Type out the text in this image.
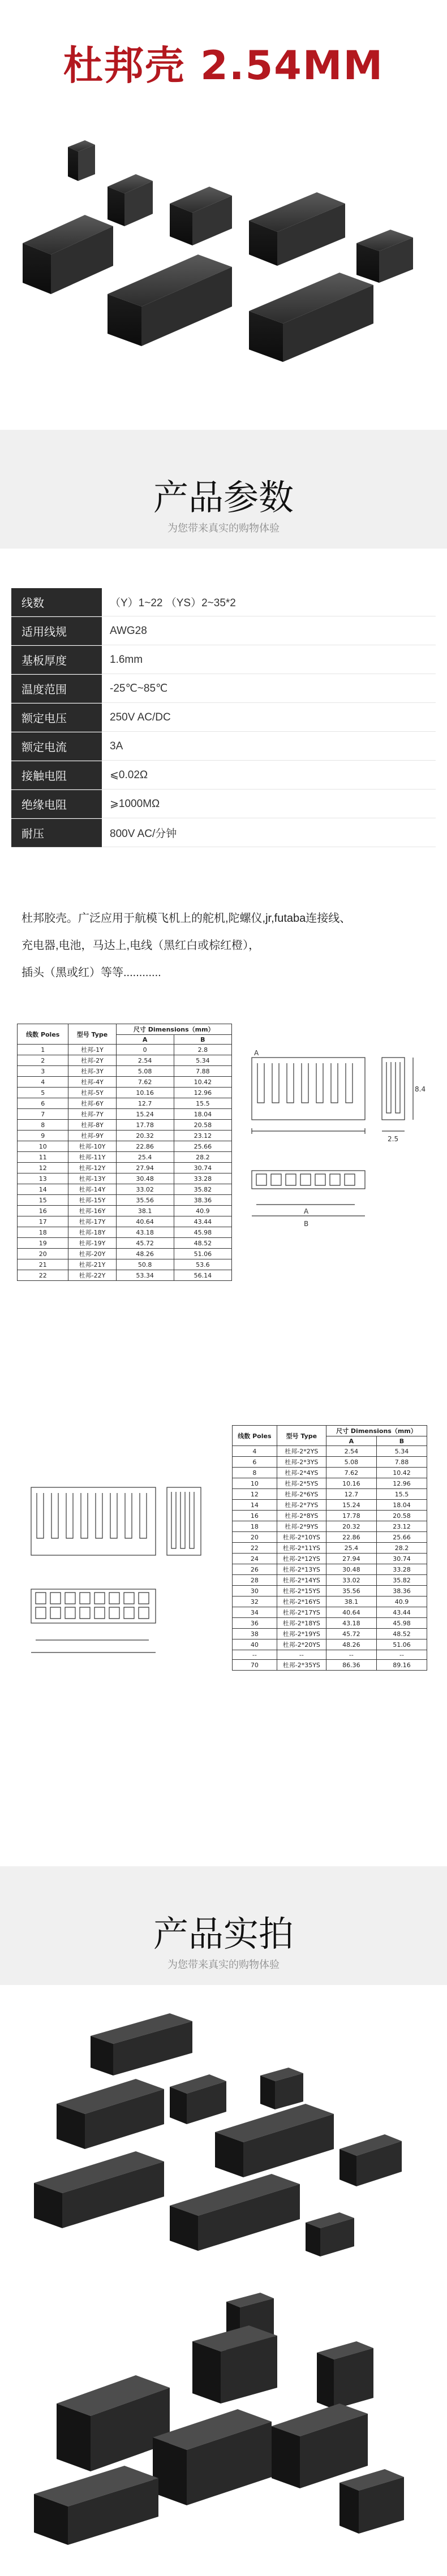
杜邦壳 2.54MM
产品参数
为您带来真实的购物体验
线数	（Y）1~22 （YS）2~35*2
适用线规	AWG28
基板厚度	1.6mm
温度范围	-25℃~85℃
额定电压	250V AC/DC
额定电流	3A
接触电阻	⩽0.02Ω
绝缘电阻	⩾1000MΩ
耐压	800V AC/分钟
杜邦胶壳。广泛应用于航模飞机上的舵机,陀螺仪,jr,futaba连接线、
充电器,电池，马达上,电线（黑红白或棕红橙），
插头（黑或红）等等............
线数 Poles	型号 Type	尺寸 Dimensions（mm）	
		A	B
1	杜邦-1Y	0	2.8
2	杜邦-2Y	2.54	5.34
3	杜邦-3Y	5.08	7.88
4	杜邦-4Y	7.62	10.42
5	杜邦-5Y	10.16	12.96
6	杜邦-6Y	12.7	15.5
7	杜邦-7Y	15.24	18.04
8	杜邦-8Y	17.78	20.58
9	杜邦-9Y	20.32	23.12
10	杜邦-10Y	22.86	25.66
11	杜邦-11Y	25.4	28.2
12	杜邦-12Y	27.94	30.74
13	杜邦-13Y	30.48	33.28
14	杜邦-14Y	33.02	35.82
15	杜邦-15Y	35.56	38.36
16	杜邦-16Y	38.1	40.9
17	杜邦-17Y	40.64	43.44
18	杜邦-18Y	43.18	45.98
19	杜邦-19Y	45.72	48.52
20	杜邦-20Y	48.26	51.06
21	杜邦-21Y	50.8	53.6
22	杜邦-22Y	53.34	56.14
A
A
B
2.5
8.4
线数 Poles	型号 Type	尺寸 Dimensions（mm）	
		A	B
4	杜邦-2*2YS	2.54	5.34
6	杜邦-2*3YS	5.08	7.88
8	杜邦-2*4YS	7.62	10.42
10	杜邦-2*5YS	10.16	12.96
12	杜邦-2*6YS	12.7	15.5
14	杜邦-2*7YS	15.24	18.04
16	杜邦-2*8YS	17.78	20.58
18	杜邦-2*9YS	20.32	23.12
20	杜邦-2*10YS	22.86	25.66
22	杜邦-2*11YS	25.4	28.2
24	杜邦-2*12YS	27.94	30.74
26	杜邦-2*13YS	30.48	33.28
28	杜邦-2*14YS	33.02	35.82
30	杜邦-2*15YS	35.56	38.36
32	杜邦-2*16YS	38.1	40.9
34	杜邦-2*17YS	40.64	43.44
36	杜邦-2*18YS	43.18	45.98
38	杜邦-2*19YS	45.72	48.52
40	杜邦-2*20YS	48.26	51.06
--	--	--	--
70	杜邦-2*35YS	86.36	89.16
产品实拍
为您带来真实的购物体验
